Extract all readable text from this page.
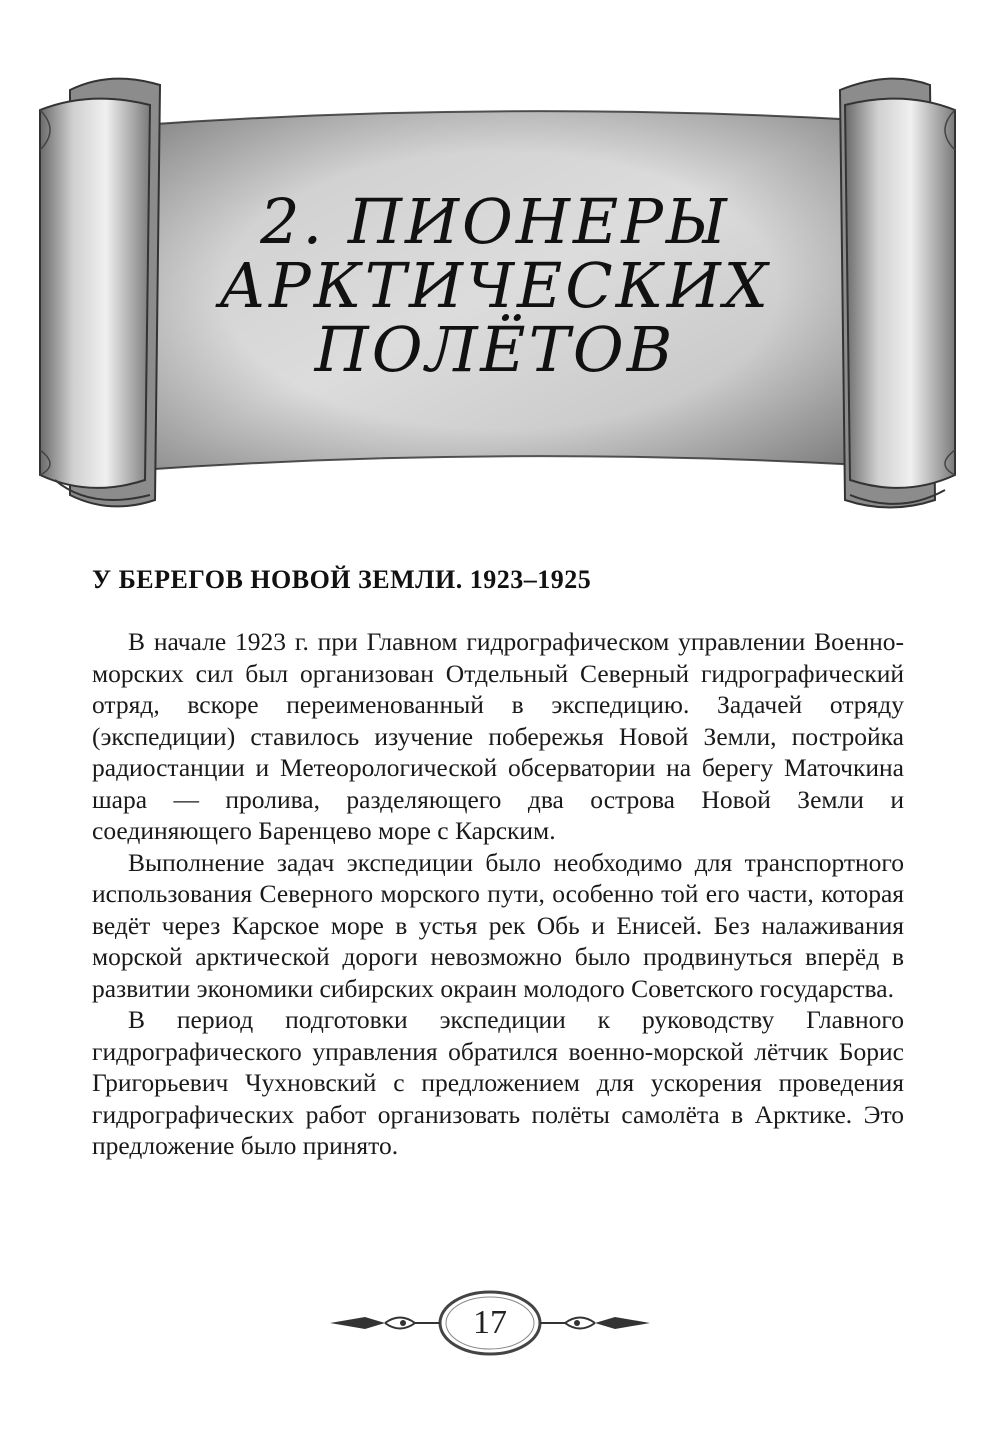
2. ПИОНЕРЫ
АРКТИЧЕСКИХ
ПОЛЁТОВ
У БЕРЕГОВ НОВОЙ ЗЕМЛИ. 1923–1925

В начале 1923 г. при Главном гидрографическом управлении Военно-морских сил был организован Отдельный Северный гидрографический отряд, вскоре переименованный в экспедицию. Задачей отряду (экспедиции) ставилось изучение побережья Новой Земли, постройка радиостанции и Метеорологической обсерватории на берегу Маточкина шара — пролива, разделяющего два острова Новой Земли и соединяющего Баренцево море с Карским.

Выполнение задач экспедиции было необходимо для транспортного использования Северного морского пути, особенно той его части, которая ведёт через Карское море в устья рек Обь и Енисей. Без налаживания морской арктической дороги невозможно было продвинуться вперёд в развитии экономики сибирских окраин молодого Советского государства.

В период подготовки экспедиции к руководству Главного гидрографического управления обратился военно-морской лётчик Борис Григорьевич Чухновский с предложением для ускорения проведения гидрографических работ организовать полёты самолёта в Арктике. Это предложение было принято.

17
